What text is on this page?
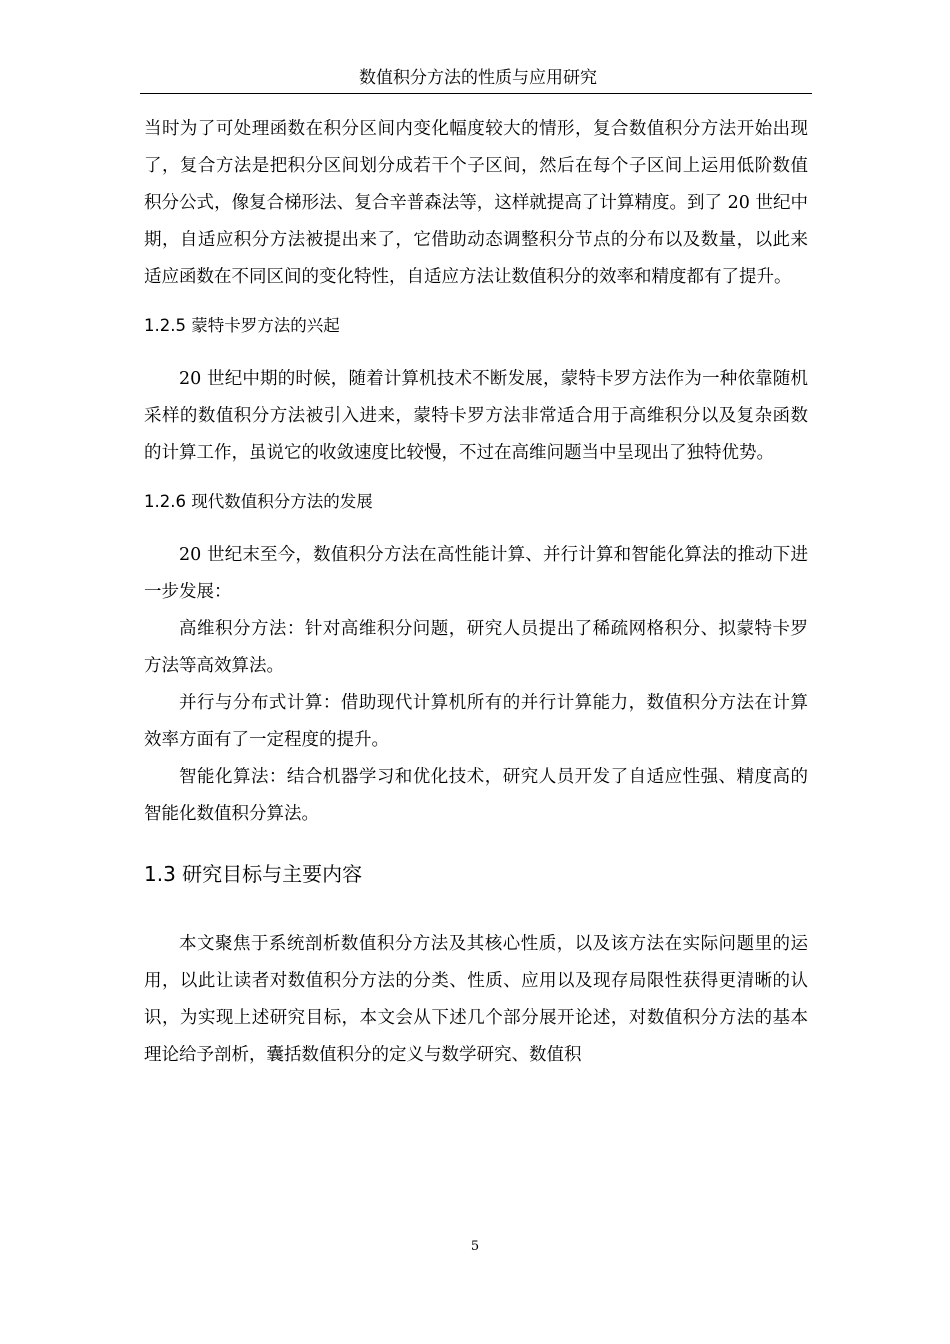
数值积分方法的性质与应用研究

当时为了可处理函数在积分区间内变化幅度较大的情形，复合数值积分方法开始出现了，复合方法是把积分区间划分成若干个子区间，然后在每个子区间上运用低阶数值积分公式，像复合梯形法、复合辛普森法等，这样就提高了计算精度。到了 20 世纪中期，自适应积分方法被提出来了，它借助动态调整积分节点的分布以及数量，以此来适应函数在不同区间的变化特性，自适应方法让数值积分的效率和精度都有了提升。

1.2.5 蒙特卡罗方法的兴起

20 世纪中期的时候，随着计算机技术不断发展，蒙特卡罗方法作为一种依靠随机采样的数值积分方法被引入进来，蒙特卡罗方法非常适合用于高维积分以及复杂函数的计算工作，虽说它的收敛速度比较慢，不过在高维问题当中呈现出了独特优势。

1.2.6 现代数值积分方法的发展

20 世纪末至今，数值积分方法在高性能计算、并行计算和智能化算法的推动下进一步发展：

高维积分方法：针对高维积分问题，研究人员提出了稀疏网格积分、拟蒙特卡罗方法等高效算法。

并行与分布式计算：借助现代计算机所有的并行计算能力，数值积分方法在计算效率方面有了一定程度的提升。

智能化算法：结合机器学习和优化技术，研究人员开发了自适应性强、精度高的智能化数值积分算法。

1.3 研究目标与主要内容

本文聚焦于系统剖析数值积分方法及其核心性质，以及该方法在实际问题里的运用，以此让读者对数值积分方法的分类、性质、应用以及现存局限性获得更清晰的认识，为实现上述研究目标，本文会从下述几个部分展开论述，对数值积分方法的基本理论给予剖析，囊括数值积分的定义与数学研究、数值积

5
